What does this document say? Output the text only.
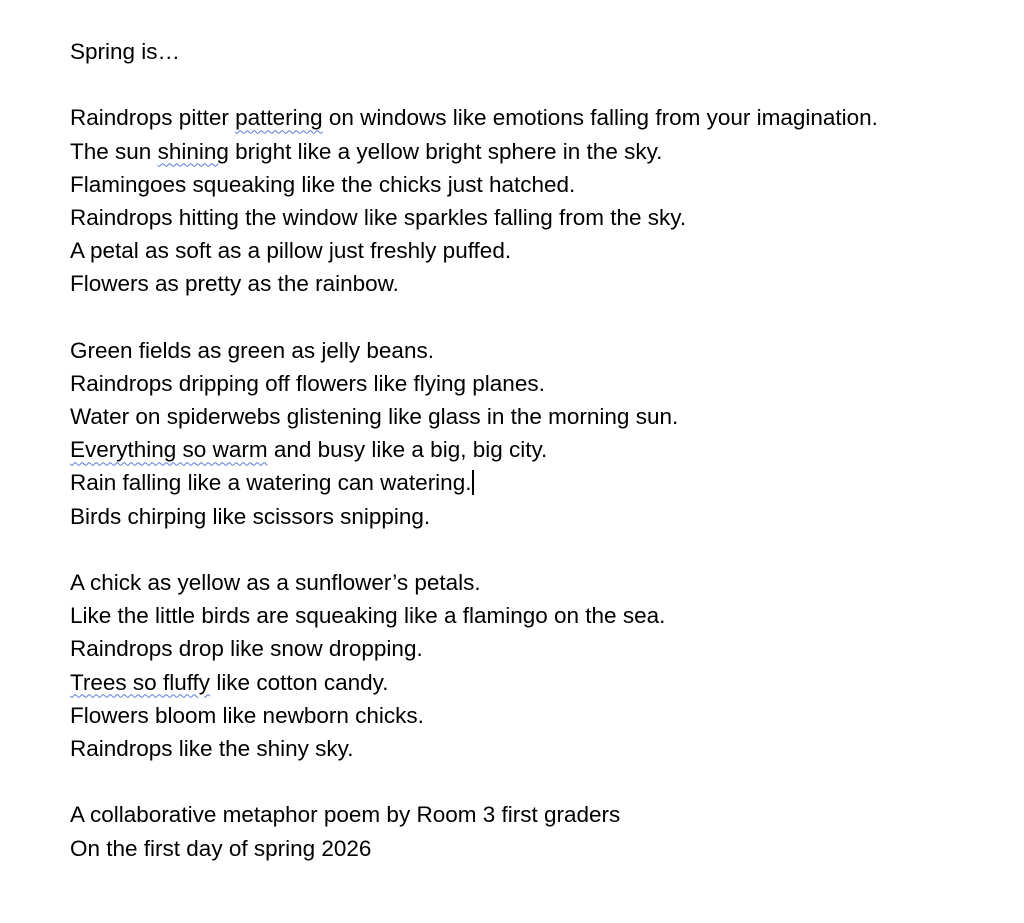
Spring is…
Raindrops pitter pattering on windows like emotions falling from your imagination.
The sun shining bright like a yellow bright sphere in the sky.
Flamingoes squeaking like the chicks just hatched.
Raindrops hitting the window like sparkles falling from the sky.
A petal as soft as a pillow just freshly puffed.
Flowers as pretty as the rainbow.
Green fields as green as jelly beans.
Raindrops dripping off flowers like flying planes.
Water on spiderwebs glistening like glass in the morning sun.
Everything so warm and busy like a big, big city.
Rain falling like a watering can watering.
Birds chirping like scissors snipping.
A chick as yellow as a sunflower’s petals.
Like the little birds are squeaking like a flamingo on the sea.
Raindrops drop like snow dropping.
Trees so fluffy like cotton candy.
Flowers bloom like newborn chicks.
Raindrops like the shiny sky.
A collaborative metaphor poem by Room 3 first graders
On the first day of spring 2026
